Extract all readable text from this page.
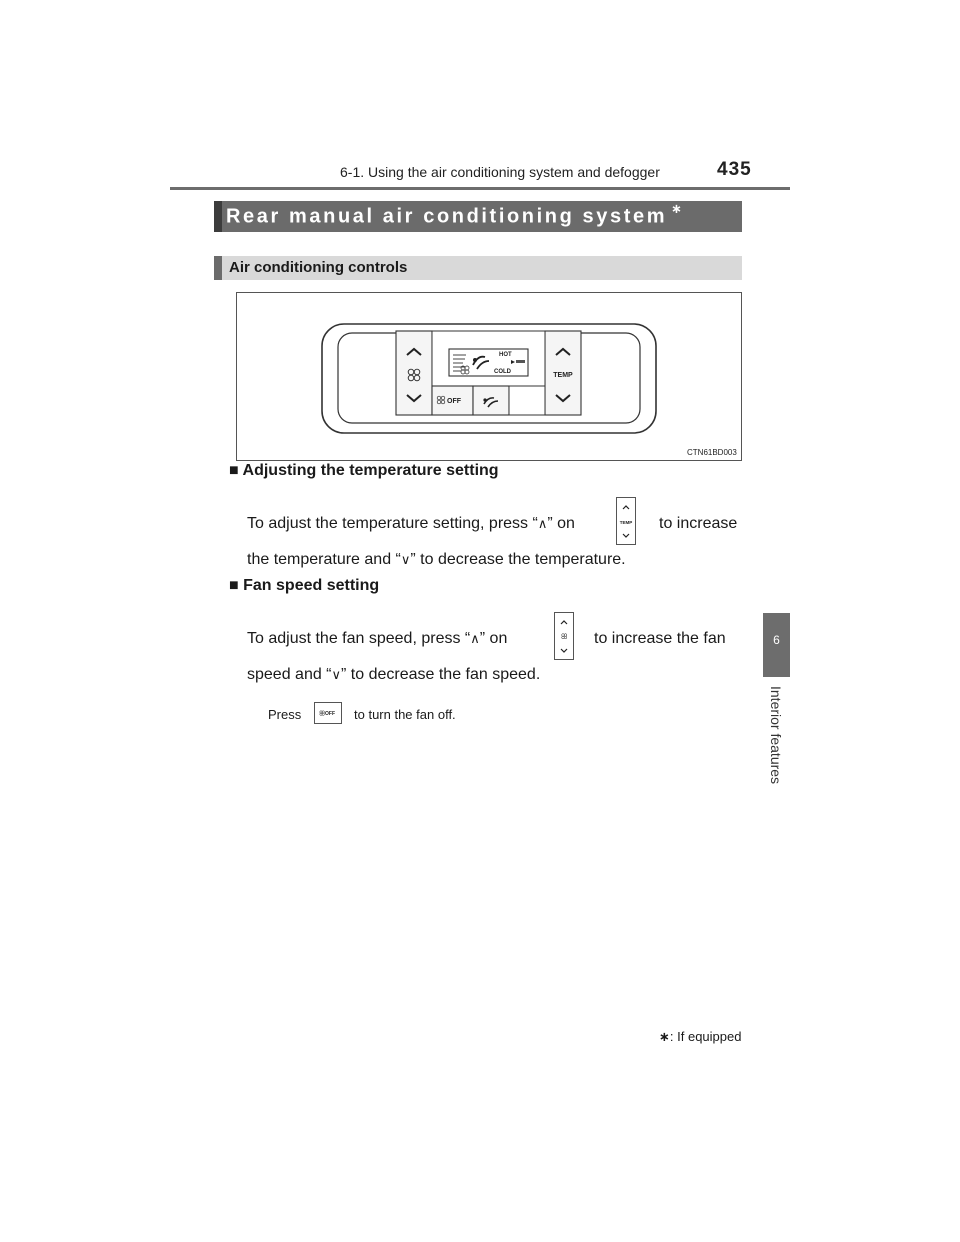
6-1. Using the air conditioning system and defogger	435
6
Interior features
Rear manual air conditioning system ∗
Air conditioning controls
TEMP
HOT
COLD
OFF
CTN61BD003
■ Adjusting the temperature setting
To adjust the temperature setting, press “∧” on	TEMP to increase
the temperature and “∨” to decrease the temperature.
■ Fan speed setting
To adjust the fan speed, press “∧” on	to increase the fan
speed and “∨” to decrease the fan speed.
Press	OFF to turn the fan off.
∗: If equipped
